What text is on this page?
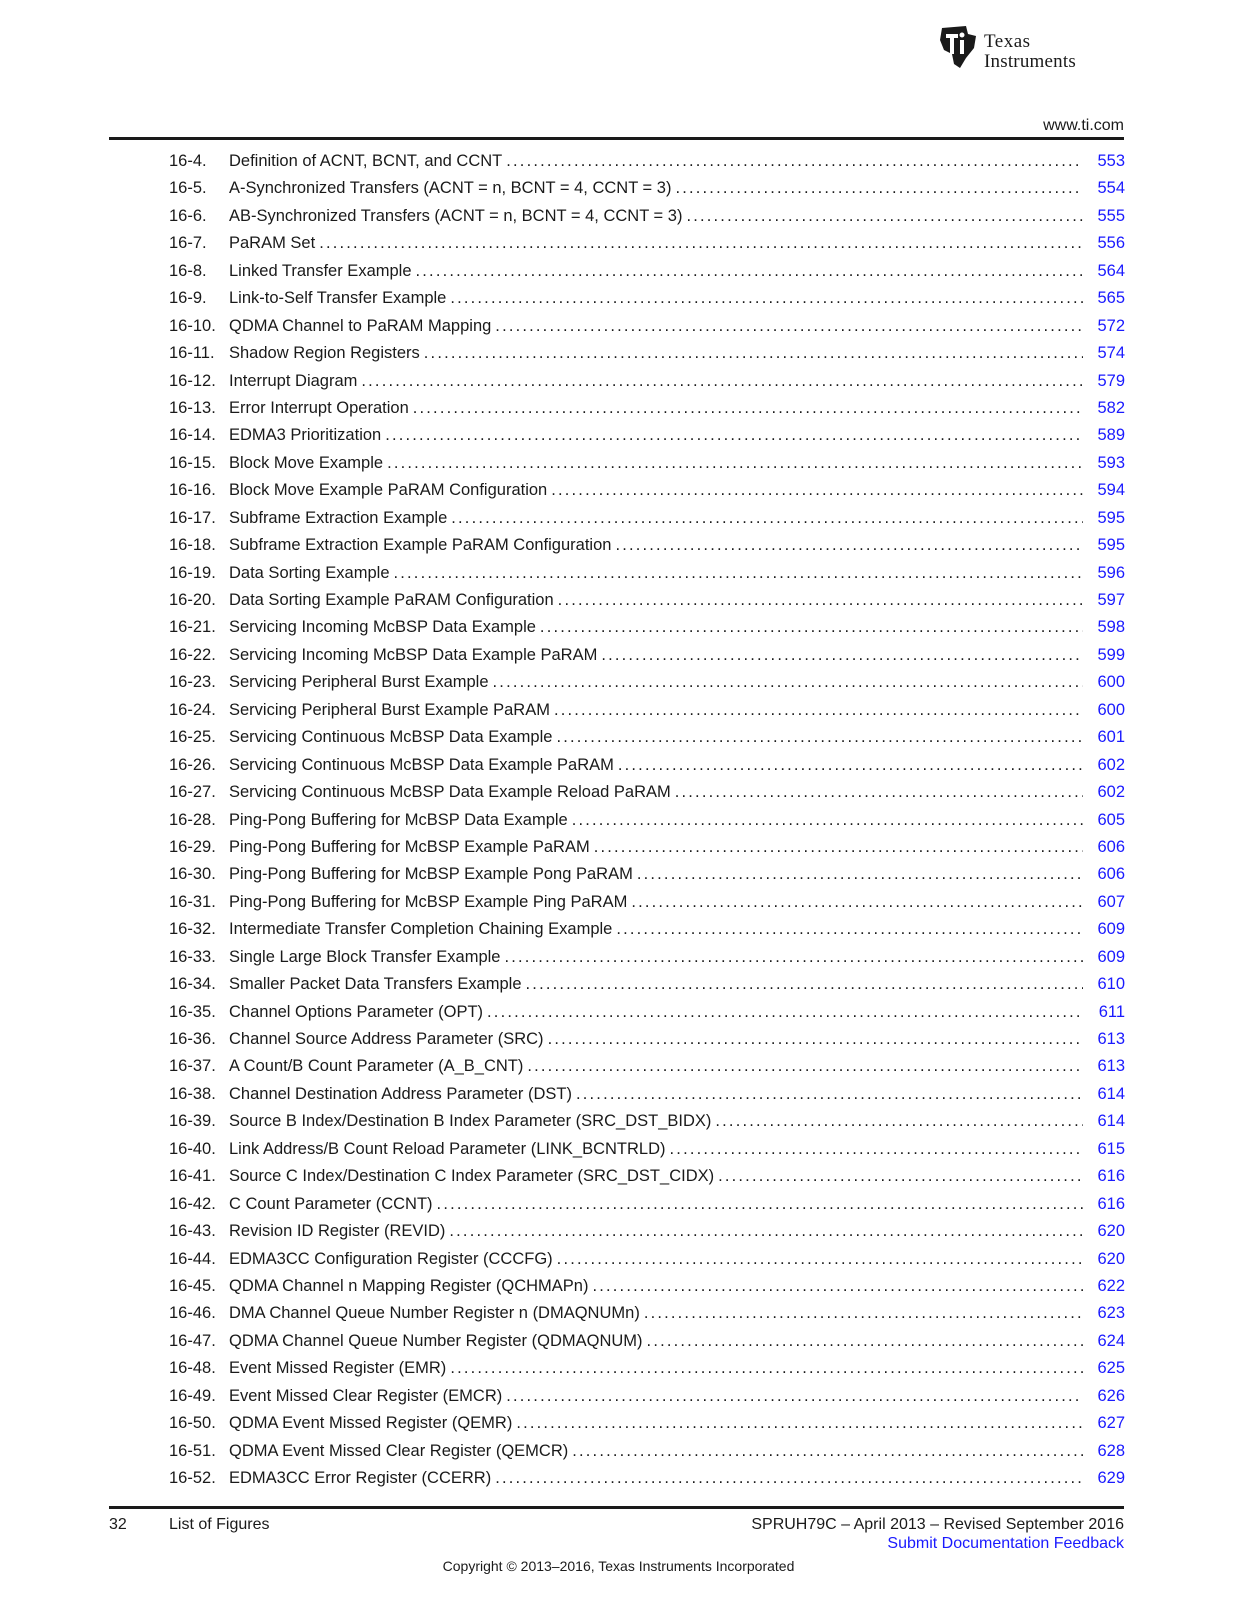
Texas
Instruments
www.ti.com
16-4.	Definition of ACNT, BCNT, and CCNT . . .	553
16-5.	A-Synchronized Transfers (ACNT = n, BCNT = 4, CCNT = 3) . . .	554
16-6.	AB-Synchronized Transfers (ACNT = n, BCNT = 4, CCNT = 3) . . .	555
16-7.	PaRAM Set . . .	556
16-8.	Linked Transfer Example . . .	564
16-9.	Link-to-Self Transfer Example . . .	565
16-10. QDMA Channel to PaRAM Mapping . . .	572
16-11. Shadow Region Registers . . .	574
16-12. Interrupt Diagram . . .	579
16-13. Error Interrupt Operation . . .	582
16-14. EDMA3 Prioritization . . .	589
16-15. Block Move Example . . .	593
16-16. Block Move Example PaRAM Configuration . . .	594
16-17. Subframe Extraction Example . . .	595
16-18. Subframe Extraction Example PaRAM Configuration . . .	595
16-19. Data Sorting Example . . .	596
16-20. Data Sorting Example PaRAM Configuration . . .	597
16-21. Servicing Incoming McBSP Data Example . . .	598
16-22. Servicing Incoming McBSP Data Example PaRAM . . .	599
16-23. Servicing Peripheral Burst Example . . .	600
16-24. Servicing Peripheral Burst Example PaRAM . . .	600
16-25. Servicing Continuous McBSP Data Example . . .	601
16-26. Servicing Continuous McBSP Data Example PaRAM . . .	602
16-27. Servicing Continuous McBSP Data Example Reload PaRAM . . .	602
16-28. Ping-Pong Buffering for McBSP Data Example . . .	605
16-29. Ping-Pong Buffering for McBSP Example PaRAM . . .	606
16-30. Ping-Pong Buffering for McBSP Example Pong PaRAM . . .	606
16-31. Ping-Pong Buffering for McBSP Example Ping PaRAM . . .	607
16-32. Intermediate Transfer Completion Chaining Example . . .	609
16-33. Single Large Block Transfer Example . . .	609
16-34. Smaller Packet Data Transfers Example . . .	610
16-35. Channel Options Parameter (OPT) . . .	611
16-36. Channel Source Address Parameter (SRC) . . .	613
16-37. A Count/B Count Parameter (A_B_CNT) . . .	613
16-38. Channel Destination Address Parameter (DST) . . .	614
16-39. Source B Index/Destination B Index Parameter (SRC_DST_BIDX) . . .	614
16-40. Link Address/B Count Reload Parameter (LINK_BCNTRLD) . . .	615
16-41. Source C Index/Destination C Index Parameter (SRC_DST_CIDX) . . .	616
16-42. C Count Parameter (CCNT) . . .	616
16-43. Revision ID Register (REVID) . . .	620
16-44. EDMA3CC Configuration Register (CCCFG) . . .	620
16-45. QDMA Channel n Mapping Register (QCHMAPn) . . .	622
16-46. DMA Channel Queue Number Register n (DMAQNUMn) . . .	623
16-47. QDMA Channel Queue Number Register (QDMAQNUM) . . .	624
16-48. Event Missed Register (EMR) . . .	625
16-49. Event Missed Clear Register (EMCR) . . .	626
16-50. QDMA Event Missed Register (QEMR) . . .	627
16-51. QDMA Event Missed Clear Register (QEMCR) . . .	628
16-52. EDMA3CC Error Register (CCERR) . . .	629
32	List of Figures	SPRUH79C – April 2013 – Revised September 2016
Submit Documentation Feedback
Copyright © 2013–2016, Texas Instruments Incorporated
